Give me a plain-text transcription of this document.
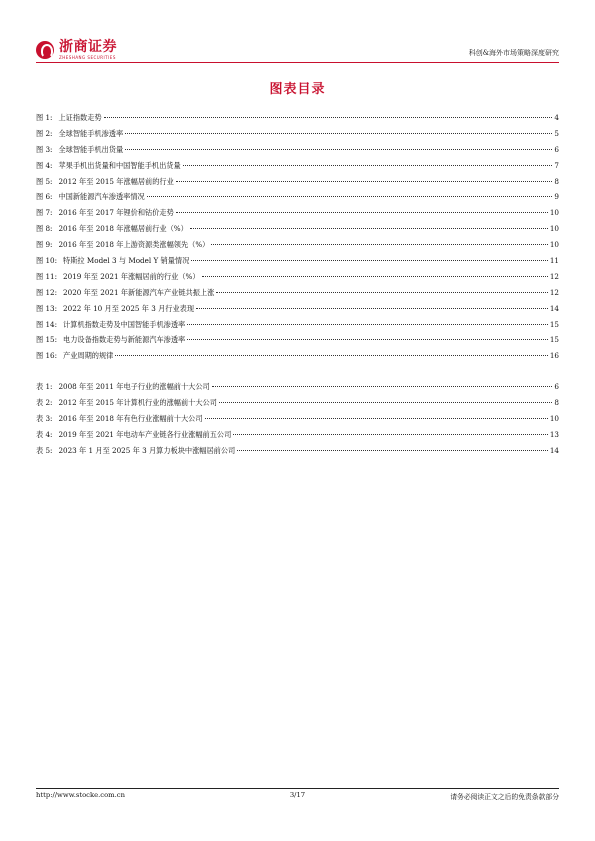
浙商证券
ZHESHANG SECURITIES
科创&海外市场策略深度研究
图表目录
图 1: 上证指数走势	4
图 2: 全球智能手机渗透率	5
图 3: 全球智能手机出货量	6
图 4: 苹果手机出货量和中国智能手机出货量	7
图 5: 2012 年至 2015 年涨幅居前的行业	8
图 6: 中国新能源汽车渗透率情况	9
图 7: 2016 年至 2017 年锂价和钴价走势	10
图 8: 2016 年至 2018 年涨幅居前行业（%）	10
图 9: 2016 年至 2018 年上游资源类涨幅领先（%）	10
图 10: 特斯拉 Model 3 与 Model Y 销量情况	11
图 11: 2019 年至 2021 年涨幅居前的行业（%）	12
图 12: 2020 年至 2021 年新能源汽车产业链共振上涨	12
图 13: 2022 年 10 月至 2025 年 3 月行业表现	14
图 14: 计算机指数走势及中国智能手机渗透率	15
图 15: 电力设备指数走势与新能源汽车渗透率	15
图 16: 产业周期的规律	16
表 1: 2008 年至 2011 年电子行业的涨幅前十大公司	6
表 2: 2012 年至 2015 年计算机行业的涨幅前十大公司	8
表 3: 2016 年至 2018 年有色行业涨幅前十大公司	10
表 4: 2019 年至 2021 年电动车产业链各行业涨幅前五公司	13
表 5: 2023 年 1 月至 2025 年 3 月算力板块中涨幅居前公司	14
http://www.stocke.com.cn	3/17	请务必阅读正文之后的免责条款部分
